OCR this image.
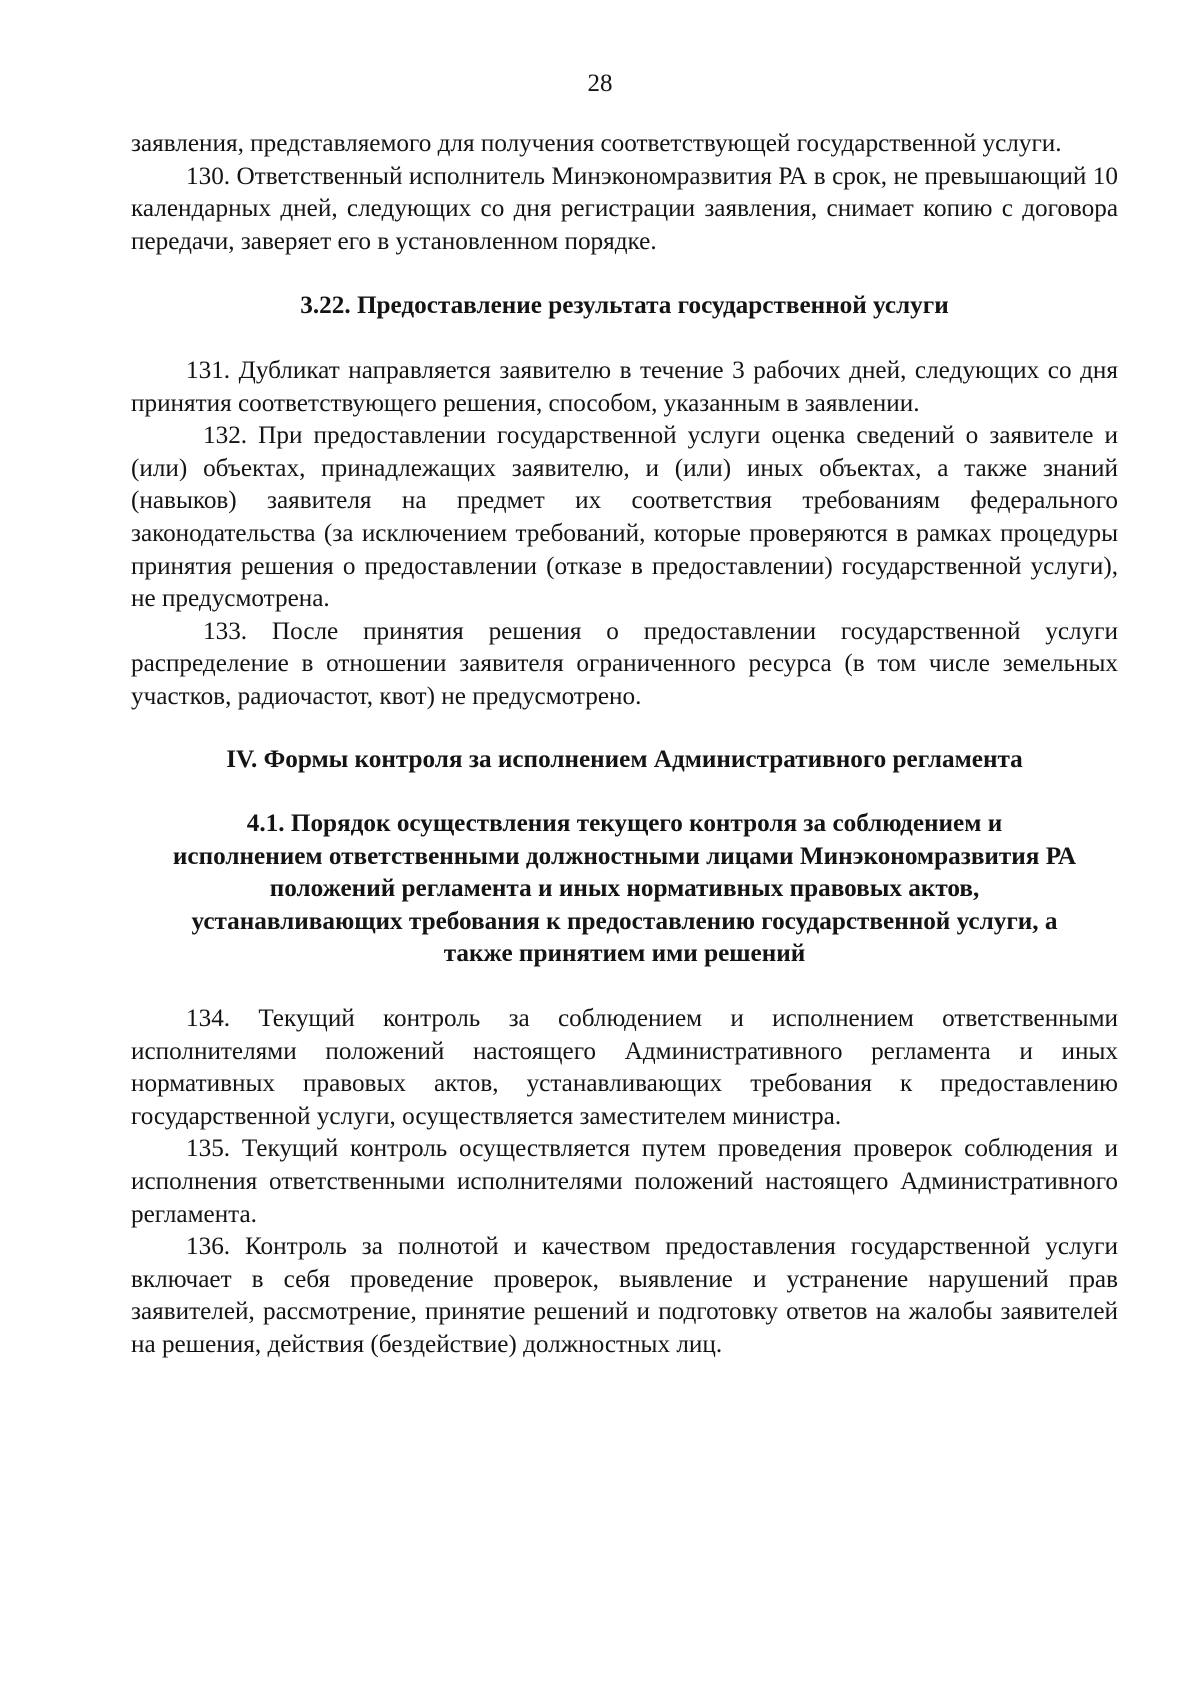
28

заявления, представляемого для получения соответствующей государственной услуги.

130. Ответственный исполнитель Минэкономразвития РА в срок, не превышающий 10 календарных дней, следующих со дня регистрации заявления, снимает копию с договора передачи, заверяет его в установленном порядке.

3.22. Предоставление результата государственной услуги

131. Дубликат направляется заявителю в течение 3 рабочих дней, следующих со дня принятия соответствующего решения, способом, указанным в заявлении.

132. При предоставлении государственной услуги оценка сведений о заявителе и (или) объектах, принадлежащих заявителю, и (или) иных объектах, а также знаний (навыков) заявителя на предмет их соответствия требованиям федерального законодательства (за исключением требований, которые проверяются в рамках процедуры принятия решения о предоставлении (отказе в предоставлении) государственной услуги), не предусмотрена.

133. После принятия решения о предоставлении государственной услуги распределение в отношении заявителя ограниченного ресурса (в том числе земельных участков, радиочастот, квот) не предусмотрено.

IV. Формы контроля за исполнением Административного регламента
4.1. Порядок осуществления текущего контроля за соблюдением и исполнением ответственными должностными лицами Минэкономразвития РА положений регламента и иных нормативных правовых актов, устанавливающих требования к предоставлению государственной услуги, а также принятием ими решений

134. Текущий контроль за соблюдением и исполнением ответственными исполнителями положений настоящего Административного регламента и иных нормативных правовых актов, устанавливающих требования к предоставлению государственной услуги, осуществляется заместителем министра.

135. Текущий контроль осуществляется путем проведения проверок соблюдения и исполнения ответственными исполнителями положений настоящего Административного регламента.

136. Контроль за полнотой и качеством предоставления государственной услуги включает в себя проведение проверок, выявление и устранение нарушений прав заявителей, рассмотрение, принятие решений и подготовку ответов на жалобы заявителей на решения, действия (бездействие) должностных лиц.
